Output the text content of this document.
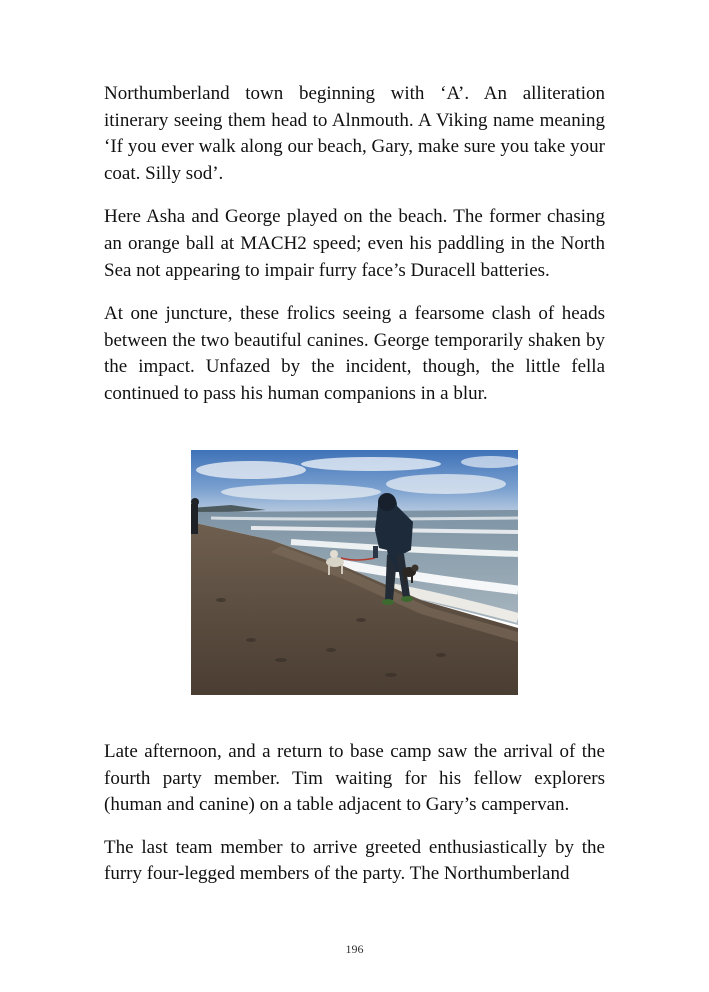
Northumberland town beginning with ‘A’. An alliteration itinerary seeing them head to Alnmouth. A Viking name meaning ‘If you ever walk along our beach, Gary, make sure you take your coat. Silly sod’.

Here Asha and George played on the beach. The former chasing an orange ball at MACH2 speed; even his paddling in the North Sea not appearing to impair furry face’s Duracell batteries.

At one juncture, these frolics seeing a fearsome clash of heads between the two beautiful canines. George temporarily shaken by the impact. Unfazed by the incident, though, the little fella continued to pass his human companions in a blur.

Late afternoon, and a return to base camp saw the arrival of the fourth party member. Tim waiting for his fellow explorers (human and canine) on a table adjacent to Gary’s campervan.

The last team member to arrive greeted enthusiastically by the furry four-legged members of the party. The Northumberland

196
